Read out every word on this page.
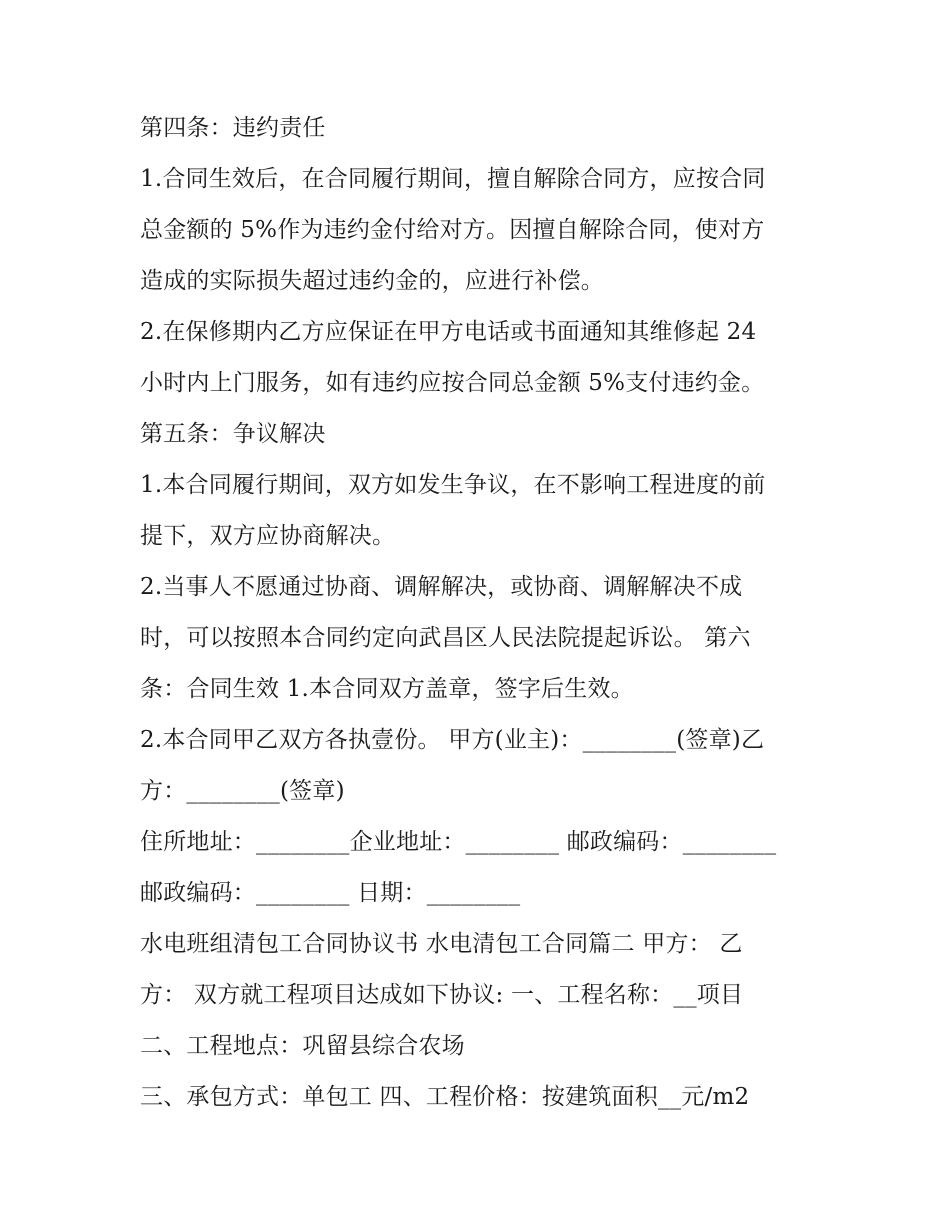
第四条：违约责任
1.合同生效后，在合同履行期间，擅自解除合同方，应按合同
总金额的 5%作为违约金付给对方。因擅自解除合同，使对方
造成的实际损失超过违约金的，应进行补偿。
2.在保修期内乙方应保证在甲方电话或书面通知其维修起 24
小时内上门服务，如有违约应按合同总金额 5%支付违约金。
第五条：争议解决
1.本合同履行期间，双方如发生争议，在不影响工程进度的前
提下，双方应协商解决。
2.当事人不愿通过协商、调解解决，或协商、调解解决不成
时，可以按照本合同约定向武昌区人民法院提起诉讼。 第六
条：合同生效 1.本合同双方盖章，签字后生效。
2.本合同甲乙双方各执壹份。 甲方(业主)：________(签章)乙
方：________(签章)
住所地址：________企业地址：________ 邮政编码：________
邮政编码：________ 日期：________
水电班组清包工合同协议书 水电清包工合同篇二 甲方： 乙
方： 双方就工程项目达成如下协议: 一、工程名称：__项目
二、工程地点：巩留县综合农场
三、承包方式：单包工 四、工程价格：按建筑面积__元/m2
